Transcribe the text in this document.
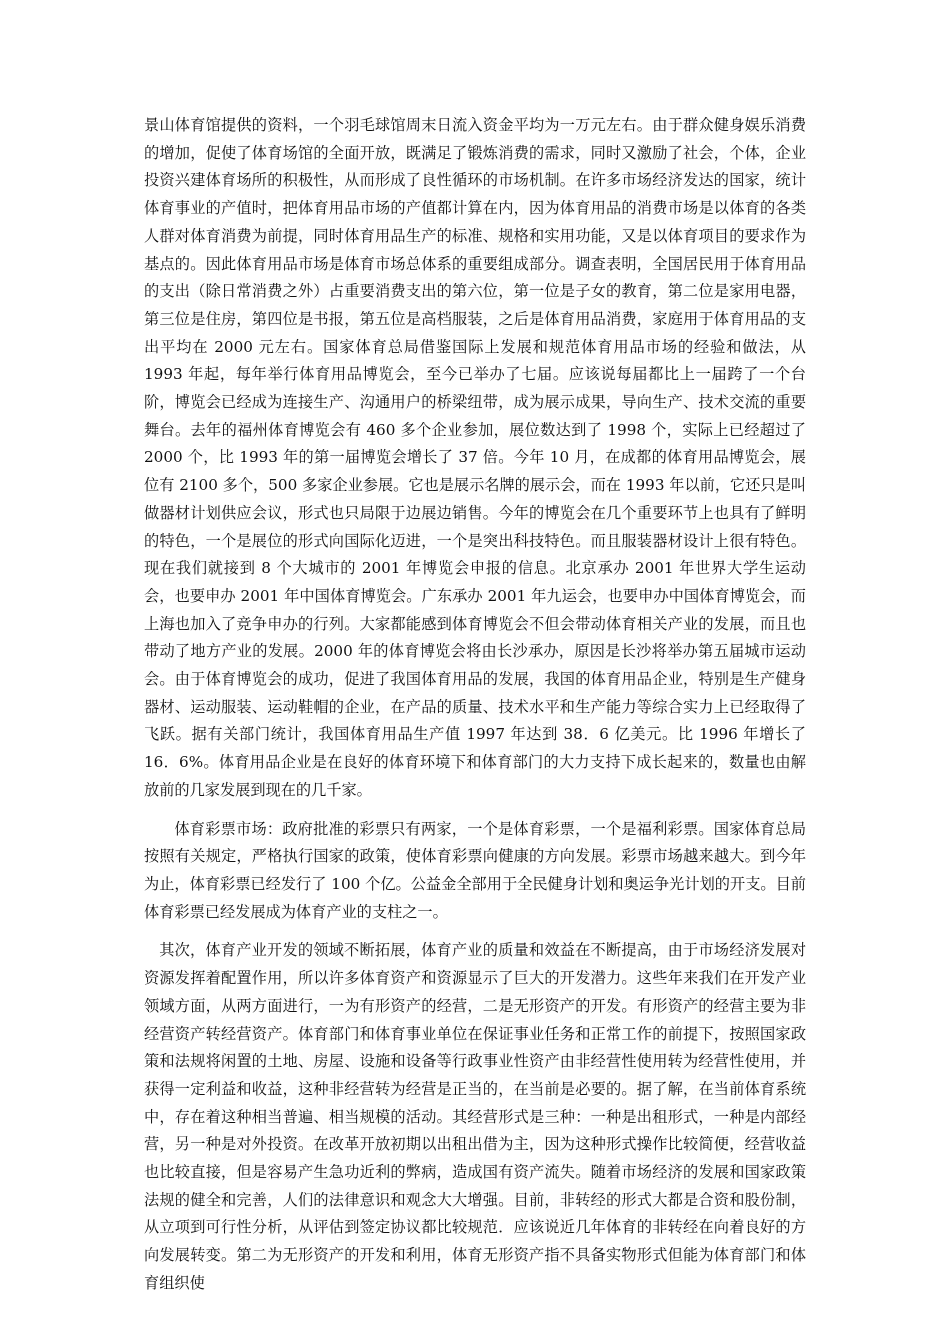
景山体育馆提供的资料，一个羽毛球馆周末日流入资金平均为一万元左右。由于群众健身娱乐消费的增加，促使了体育场馆的全面开放，既满足了锻炼消费的需求，同时又激励了社会，个体，企业投资兴建体育场所的积极性，从而形成了良性循环的市场机制。在许多市场经济发达的国家，统计体育事业的产值时，把体育用品市场的产值都计算在内，因为体育用品的消费市场是以体育的各类人群对体育消费为前提，同时体育用品生产的标准、规格和实用功能，又是以体育项目的要求作为基点的。因此体育用品市场是体育市场总体系的重要组成部分。调查表明，全国居民用于体育用品的支出（除日常消费之外）占重要消费支出的第六位，第一位是子女的教育，第二位是家用电器，第三位是住房，第四位是书报，第五位是高档服装，之后是体育用品消费，家庭用于体育用品的支出平均在 2000 元左右。国家体育总局借鉴国际上发展和规范体育用品市场的经验和做法，从 1993 年起，每年举行体育用品博览会，至今已举办了七届。应该说每届都比上一届跨了一个台阶，博览会已经成为连接生产、沟通用户的桥梁纽带，成为展示成果，导向生产、技术交流的重要舞台。去年的福州体育博览会有 460 多个企业参加，展位数达到了 1998 个，实际上已经超过了 2000 个，比 1993 年的第一届博览会增长了 37 倍。今年 10 月，在成都的体育用品博览会，展位有 2100 多个，500 多家企业参展。它也是展示名牌的展示会，而在 1993 年以前，它还只是叫做器材计划供应会议，形式也只局限于边展边销售。今年的博览会在几个重要环节上也具有了鲜明的特色，一个是展位的形式向国际化迈进，一个是突出科技特色。而且服装器材设计上很有特色。现在我们就接到 8 个大城市的 2001 年博览会申报的信息。北京承办 2001 年世界大学生运动会，也要申办 2001 年中国体育博览会。广东承办 2001 年九运会，也要申办中国体育博览会，而上海也加入了竞争申办的行列。大家都能感到体育博览会不但会带动体育相关产业的发展，而且也带动了地方产业的发展。2000 年的体育博览会将由长沙承办，原因是长沙将举办第五届城市运动会。由于体育博览会的成功，促进了我国体育用品的发展，我国的体育用品企业，特别是生产健身器材、运动服装、运动鞋帽的企业，在产品的质量、技术水平和生产能力等综合实力上已经取得了飞跃。据有关部门统计，我国体育用品生产值 1997 年达到 38．6 亿美元。比 1996 年增长了 16．6%。体育用品企业是在良好的体育环境下和体育部门的大力支持下成长起来的，数量也由解放前的几家发展到现在的几千家。

体育彩票市场：政府批准的彩票只有两家，一个是体育彩票，一个是福利彩票。国家体育总局按照有关规定，严格执行国家的政策，使体育彩票向健康的方向发展。彩票市场越来越大。到今年为止，体育彩票已经发行了 100 个亿。公益金全部用于全民健身计划和奥运争光计划的开支。目前体育彩票已经发展成为体育产业的支柱之一。

其次，体育产业开发的领域不断拓展，体育产业的质量和效益在不断提高，由于市场经济发展对资源发挥着配置作用，所以许多体育资产和资源显示了巨大的开发潜力。这些年来我们在开发产业领域方面，从两方面进行，一为有形资产的经营，二是无形资产的开发。有形资产的经营主要为非经营资产转经营资产。体育部门和体育事业单位在保证事业任务和正常工作的前提下，按照国家政策和法规将闲置的土地、房屋、设施和设备等行政事业性资产由非经营性使用转为经营性使用，并获得一定利益和收益，这种非经营转为经营是正当的，在当前是必要的。据了解，在当前体育系统中，存在着这种相当普遍、相当规模的活动。其经营形式是三种：一种是出租形式，一种是内部经营，另一种是对外投资。在改革开放初期以出租出借为主，因为这种形式操作比较简便，经营收益也比较直接，但是容易产生急功近利的弊病，造成国有资产流失。随着市场经济的发展和国家政策法规的健全和完善，人们的法律意识和观念大大增强。目前，非转经的形式大都是合资和股份制，从立项到可行性分析，从评估到签定协议都比较规范．应该说近几年体育的非转经在向着良好的方向发展转变。第二为无形资产的开发和利用，体育无形资产指不具备实物形式但能为体育部门和体育组织使
